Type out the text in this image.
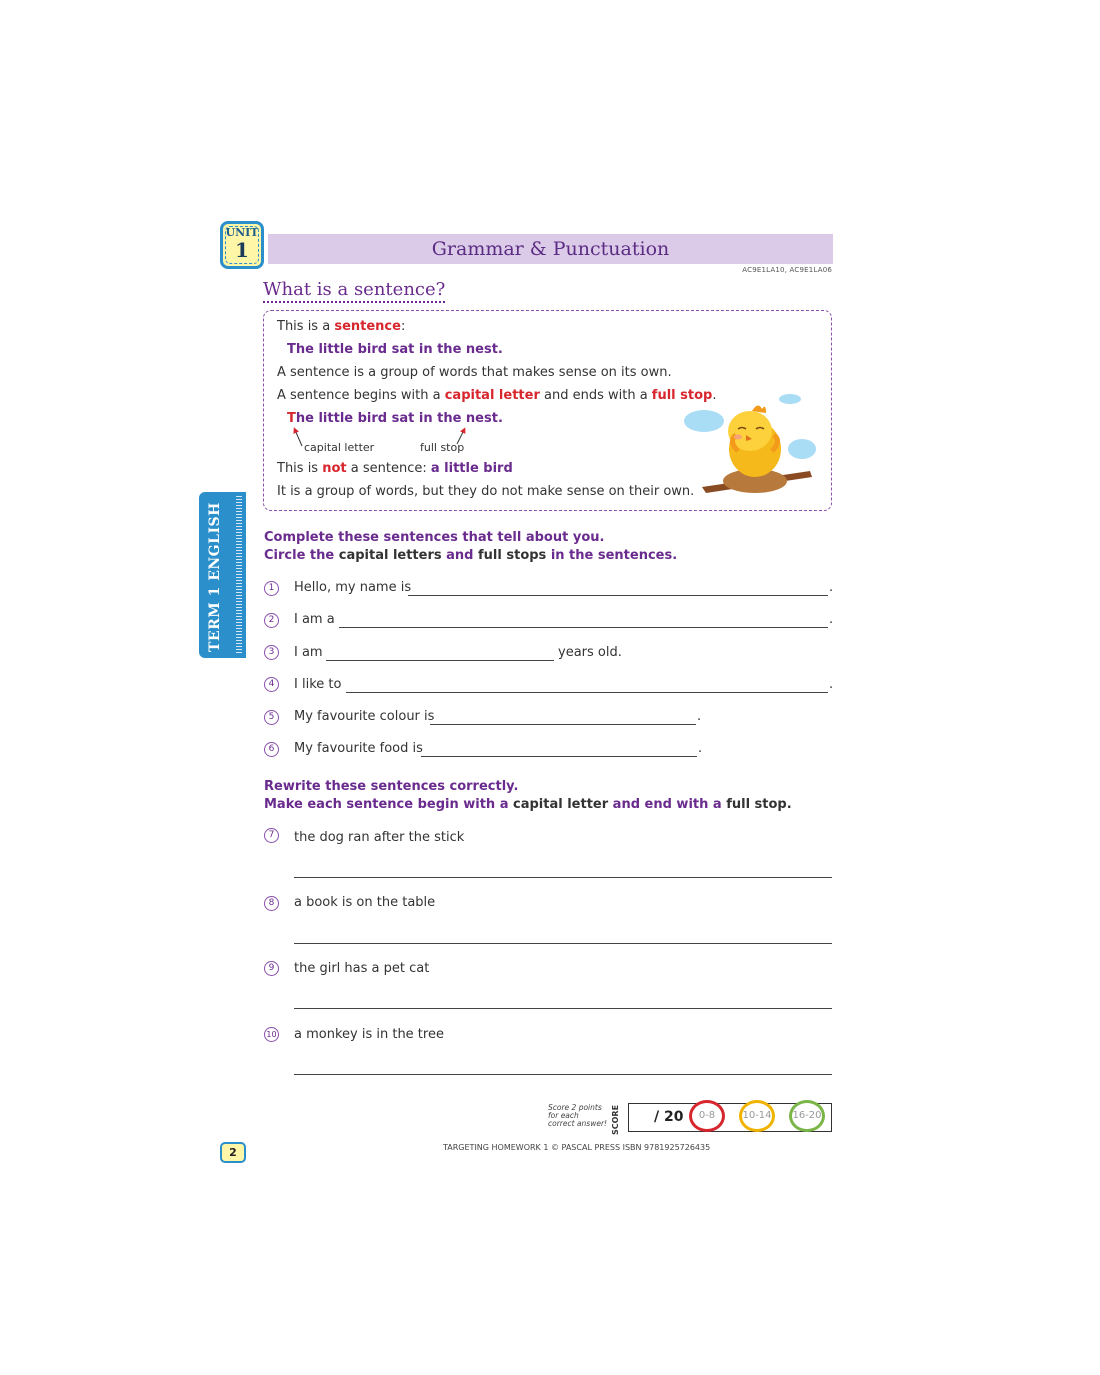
UNIT
1	Grammar & Punctuation
AC9E1LA10, AC9E1LA06
What is a sentence?
This is a sentence:
The little bird sat in the nest.
A sentence is a group of words that makes sense on its own.
A sentence begins with a capital letter and ends with a full stop.
The little bird sat in the nest.
capital letter	full stop
This is not a sentence: a little bird
It is a group of words, but they do not make sense on their own.
TERM 1 ENGLISH	Complete these sentences that tell about you.
Circle the capital letters and full stops in the sentences.
1	Hello, my name is	.
2	I am a	.
3	I am	years old.
4	I like to	.
5	My favourite colour is	.
6	My favourite food is	.
Rewrite these sentences correctly.
Make each sentence begin with a capital letter and end with a full stop.
7	the dog ran after the stick
8	a book is on the table
9	the girl has a pet cat
10 a monkey is in the tree
Score 2 points
for each
correct answer! SCORE / 20	0-8	10-14	16-20
2	TARGETING HOMEWORK 1 © PASCAL PRESS ISBN 9781925726435
